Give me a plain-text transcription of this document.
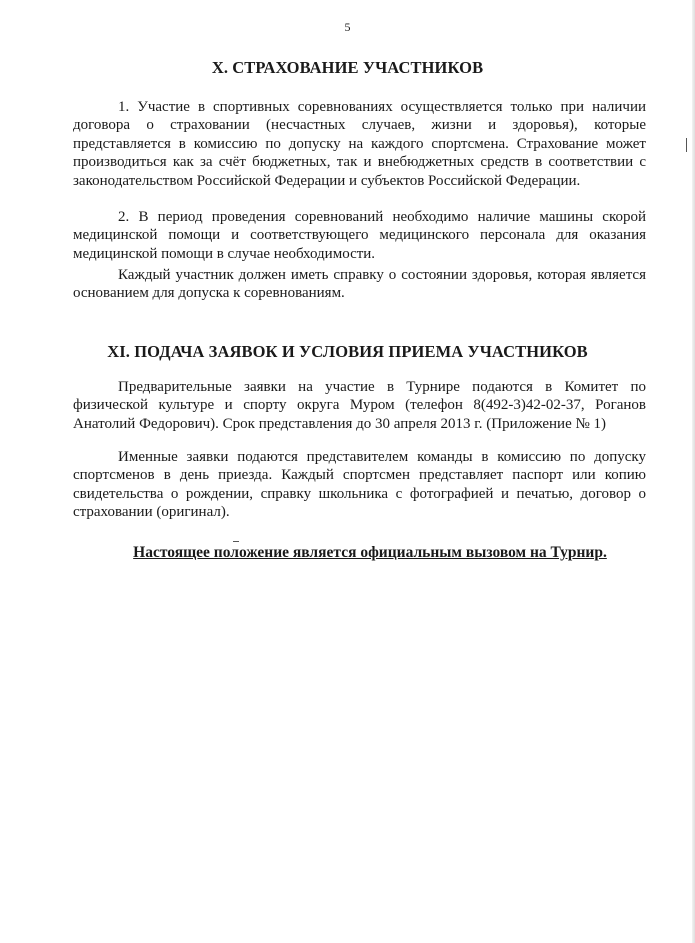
5
X. СТРАХОВАНИЕ УЧАСТНИКОВ
1. Участие в спортивных соревнованиях осуществляется только при наличии договора о страховании (несчастных случаев, жизни и здоровья), которые представляется в комиссию по допуску на каждого спортсмена. Страхование может производиться как за счёт бюджетных, так и внебюджетных средств в соответствии с законодательством Российской Федерации и субъектов Российской Федерации.
2. В период проведения соревнований необходимо наличие машины скорой медицинской помощи и соответствующего медицинского персонала для оказания медицинской помощи в случае необходимости.
Каждый участник должен иметь справку о состоянии здоровья, которая является основанием для допуска к соревнованиям.
XI. ПОДАЧА ЗАЯВОК И УСЛОВИЯ ПРИЕМА УЧАСТНИКОВ
Предварительные заявки на участие в Турнире подаются в Комитет по физической культуре и спорту округа Муром (телефон 8(492-3)42-02-37, Роганов Анатолий Федорович). Срок представления до 30 апреля 2013 г. (Приложение № 1)
Именные заявки подаются представителем команды в комиссию по допуску спортсменов в день приезда. Каждый спортсмен представляет паспорт или копию свидетельства о рождении, справку школьника с фотографией и печатью, договор о страховании (оригинал).
Настоящее положение является официальным вызовом на Турнир.
